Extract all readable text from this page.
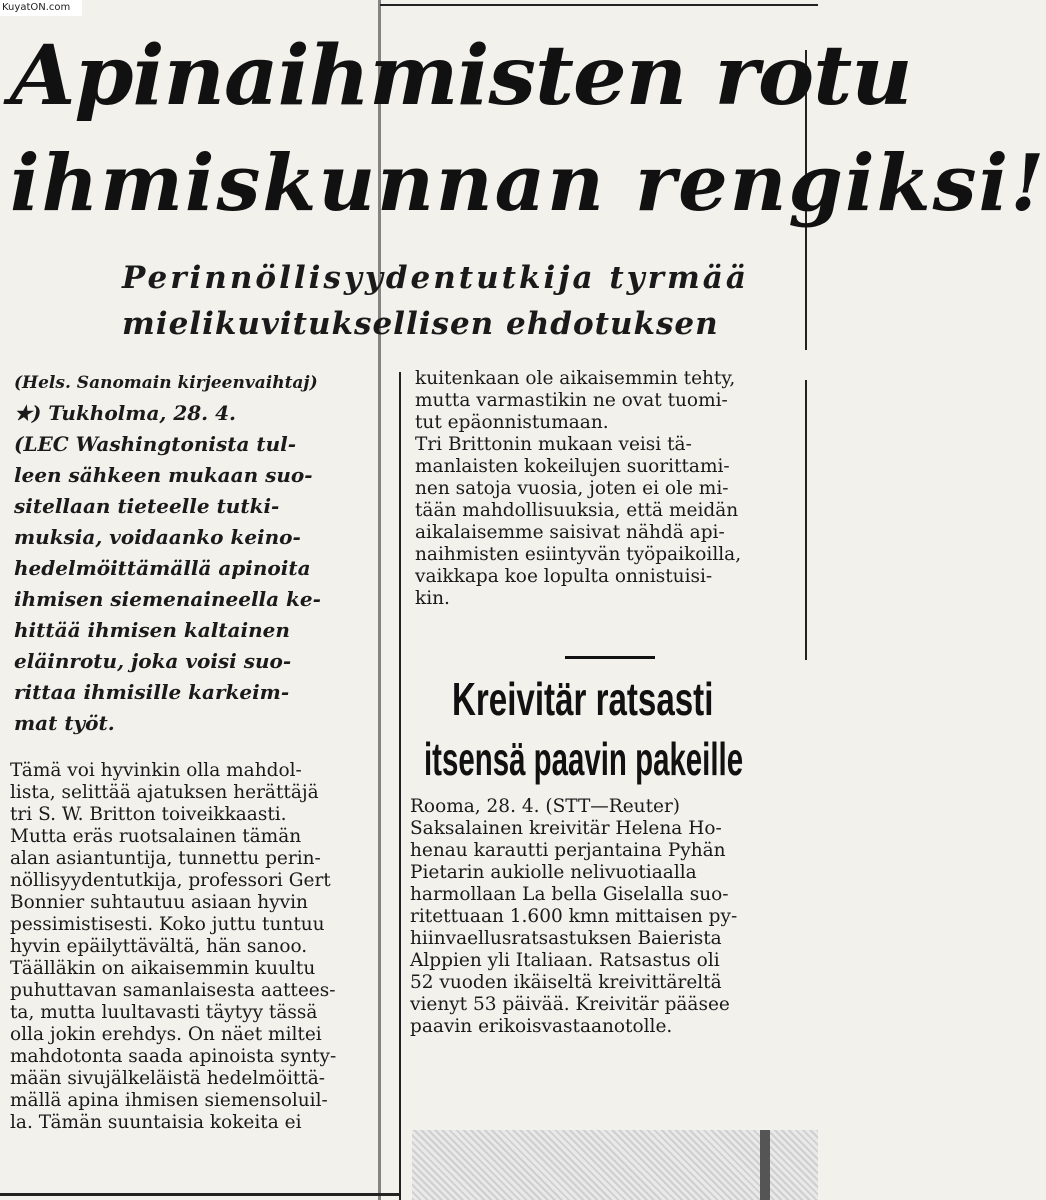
KuyatON.com
Apinaihmisten rotu
ihmiskunnan rengiksi!
Perinnöllisyydentutkija tyrmää
mielikuvituksellisen ehdotuksen
(Hels. Sanomain kirjeenvaihtaj)
★) Tukholma, 28. 4.
(LEC Washingtonista tul-
leen sähkeen mukaan suo-
sitellaan tieteelle tutki-
muksia, voidaanko keino-
hedelmöittämällä apinoita
ihmisen siemenaineella ke-
hittää ihmisen kaltainen
eläinrotu, joka voisi suo-
rittaa ihmisille karkeim-
mat työt.
Tämä voi hyvinkin olla mahdol-
lista, selittää ajatuksen herättäjä
tri S. W. Britton toiveikkaasti.
Mutta eräs ruotsalainen tämän
alan asiantuntija, tunnettu perin-
nöllisyydentutkija, professori Gert
Bonnier suhtautuu asiaan hyvin
pessimistisesti. Koko juttu tuntuu
hyvin epäilyttävältä, hän sanoo.
Täälläkin on aikaisemmin kuultu
puhuttavan samanlaisesta aattees-
ta, mutta luultavasti täytyy tässä
olla jokin erehdys. On näet miltei
mahdotonta saada apinoista synty-
mään sivujälkeläistä hedelmöittä-
mällä apina ihmisen siemensoluil-
la. Tämän suuntaisia kokeita ei
kuitenkaan ole aikaisemmin tehty,
mutta varmastikin ne ovat tuomi-
tut epäonnistumaan.
Tri Brittonin mukaan veisi tä-
manlaisten kokeilujen suorittami-
nen satoja vuosia, joten ei ole mi-
tään mahdollisuuksia, että meidän
aikalaisemme saisivat nähdä api-
naihmisten esiintyvän työpaikoilla,
vaikkapa koe lopulta onnistuisi-
kin.
Kreivitär ratsasti
itsensä paavin pakeille
Rooma, 28. 4. (STT—Reuter)
Saksalainen kreivitär Helena Ho-
henau karautti perjantaina Pyhän
Pietarin aukiolle nelivuotiaalla
harmollaan La bella Giselalla suo-
ritettuaan 1.600 kmn mittaisen py-
hiinvaellusratsastuksen Baierista
Alppien yli Italiaan. Ratsastus oli
52 vuoden ikäiseltä kreivittäreltä
vienyt 53 päivää. Kreivitär pääsee
paavin erikoisvastaanotolle.
